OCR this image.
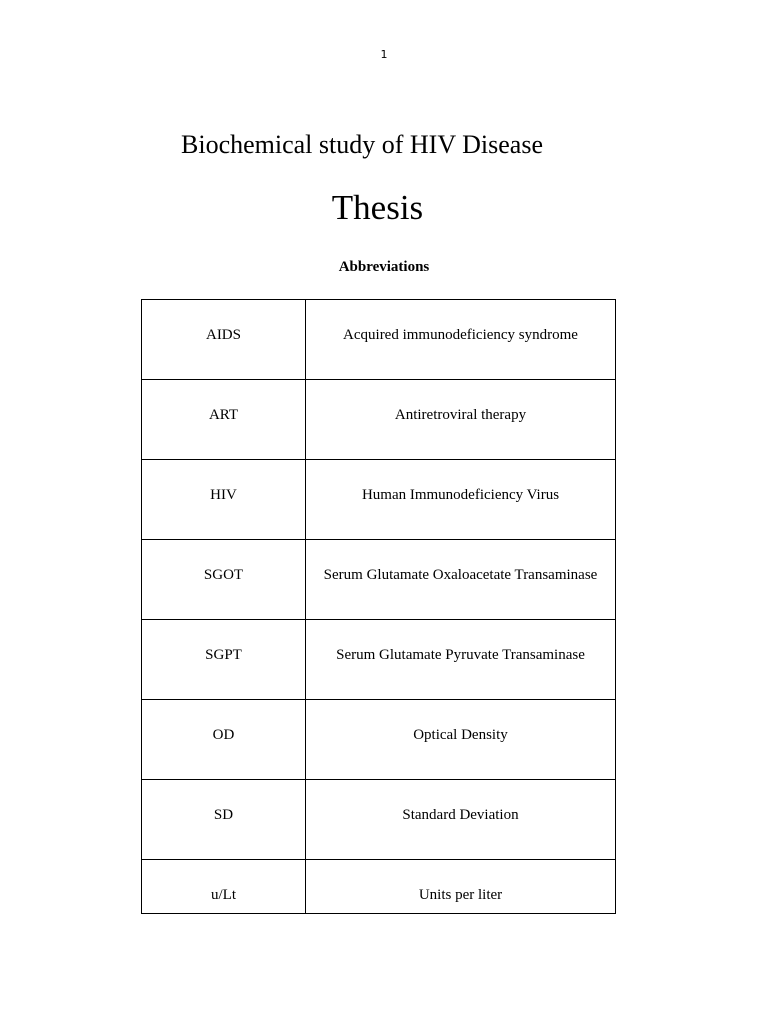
1
Biochemical study of HIV Disease
Thesis
Abbreviations
AIDS	Acquired immunodeficiency syndrome
ART	Antiretroviral therapy
HIV	Human Immunodeficiency Virus
SGOT	Serum Glutamate Oxaloacetate Transaminase
SGPT	Serum Glutamate Pyruvate Transaminase
OD	Optical Density
SD	Standard Deviation
u/Lt	Units per liter
